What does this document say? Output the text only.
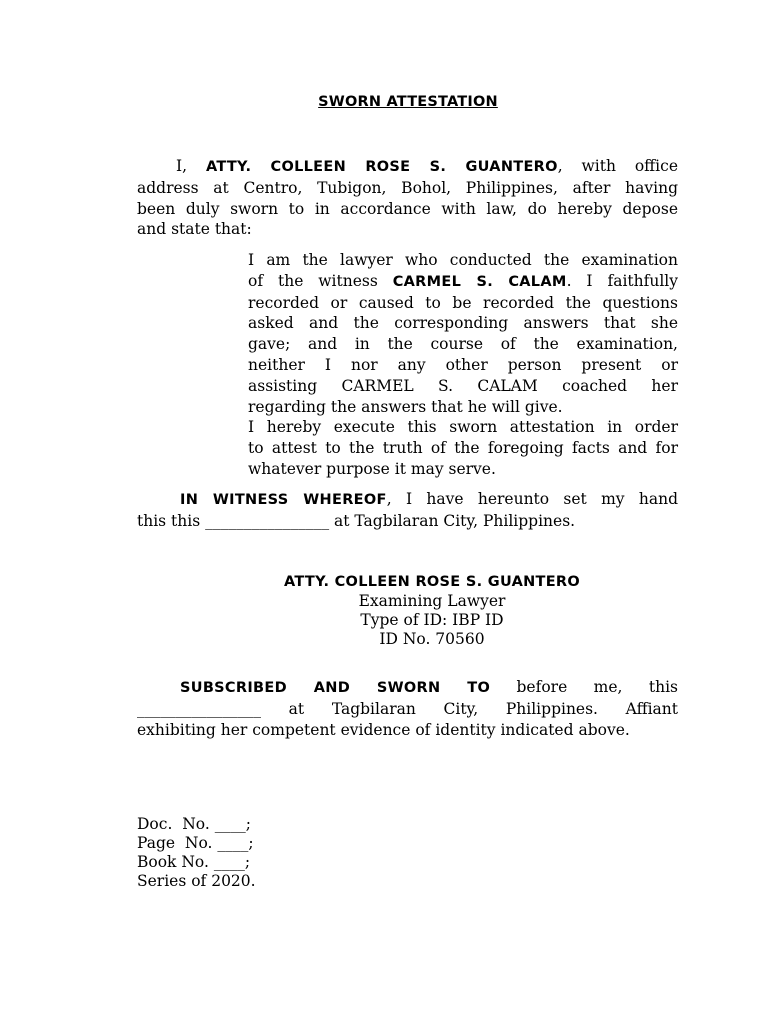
SWORN ATTESTATION
I, ATTY. COLLEEN ROSE S. GUANTERO, with office
address at Centro, Tubigon, Bohol, Philippines, after having
been duly sworn to in accordance with law, do hereby depose
and state that:
I am the lawyer who conducted the examination
of the witness CARMEL S. CALAM. I faithfully
recorded or caused to be recorded the questions
asked and the corresponding answers that she
gave; and in the course of the examination,
neither I nor any other person present or
assisting CARMEL S. CALAM coached her
regarding the answers that he will give.
I hereby execute this sworn attestation in order
to attest to the truth of the foregoing facts and for
whatever purpose it may serve.
IN WITNESS WHEREOF, I have hereunto set my hand
this this ________________ at Tagbilaran City, Philippines.
ATTY. COLLEEN ROSE S. GUANTERO
Examining Lawyer
Type of ID: IBP ID
ID No. 70560
SUBSCRIBED AND SWORN TO before me, this
________________ at Tagbilaran City, Philippines. Affiant
exhibiting her competent evidence of identity indicated above.
Doc.  No. ____;
Page  No. ____;
Book No. ____;
Series of 2020.
